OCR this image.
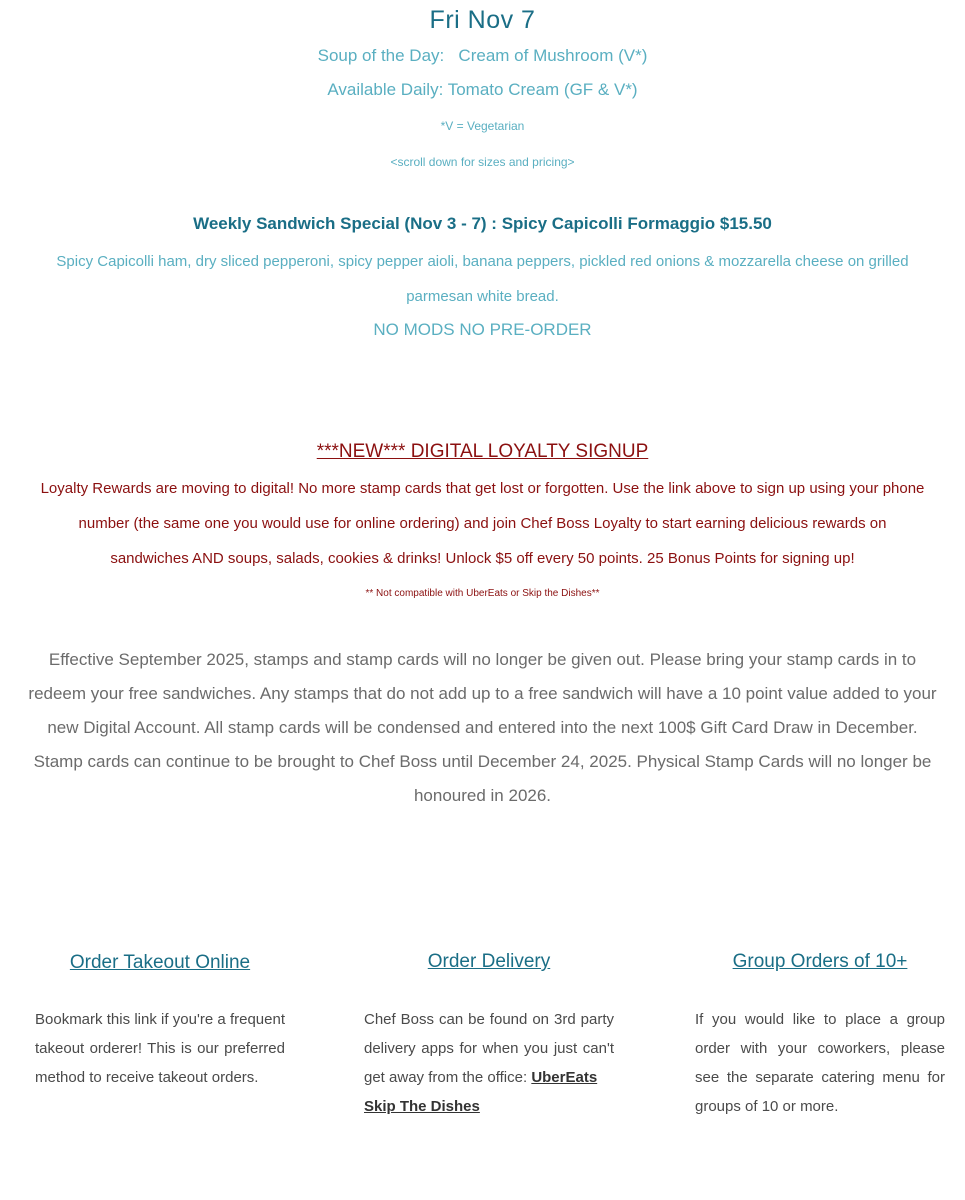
Fri Nov 7
Soup of the Day:   Cream of Mushroom (V*)
Available Daily: Tomato Cream (GF & V*)
*V = Vegetarian
<scroll down for sizes and pricing>
Weekly Sandwich Special (Nov 3 - 7) : Spicy Capicolli Formaggio $15.50
Spicy Capicolli ham, dry sliced pepperoni, spicy pepper aioli, banana peppers, pickled red onions & mozzarella cheese on grilled parmesan white bread.
NO MODS NO PRE-ORDER
***NEW*** DIGITAL LOYALTY SIGNUP
Loyalty Rewards are moving to digital! No more stamp cards that get lost or forgotten. Use the link above to sign up using your phone number (the same one you would use for online ordering) and join Chef Boss Loyalty to start earning delicious rewards on sandwiches AND soups, salads, cookies & drinks! Unlock $5 off every 50 points. 25 Bonus Points for signing up!
** Not compatible with UberEats or Skip the Dishes**
Effective September 2025, stamps and stamp cards will no longer be given out. Please bring your stamp cards in to redeem your free sandwiches. Any stamps that do not add up to a free sandwich will have a 10 point value added to your new Digital Account. All stamp cards will be condensed and entered into the next 100$ Gift Card Draw in December. Stamp cards can continue to be brought to Chef Boss until December 24, 2025. Physical Stamp Cards will no longer be honoured in 2026.
Order Takeout Online
Bookmark this link if you're a frequent takeout orderer! This is our preferred method to receive takeout orders.
Order Delivery
Chef Boss can be found on 3rd party delivery apps for when you just can't get away from the office: UberEats
Skip The Dishes
Group Orders of 10+
If you would like to place a group order with your coworkers, please see the separate catering menu for groups of 10 or more.
